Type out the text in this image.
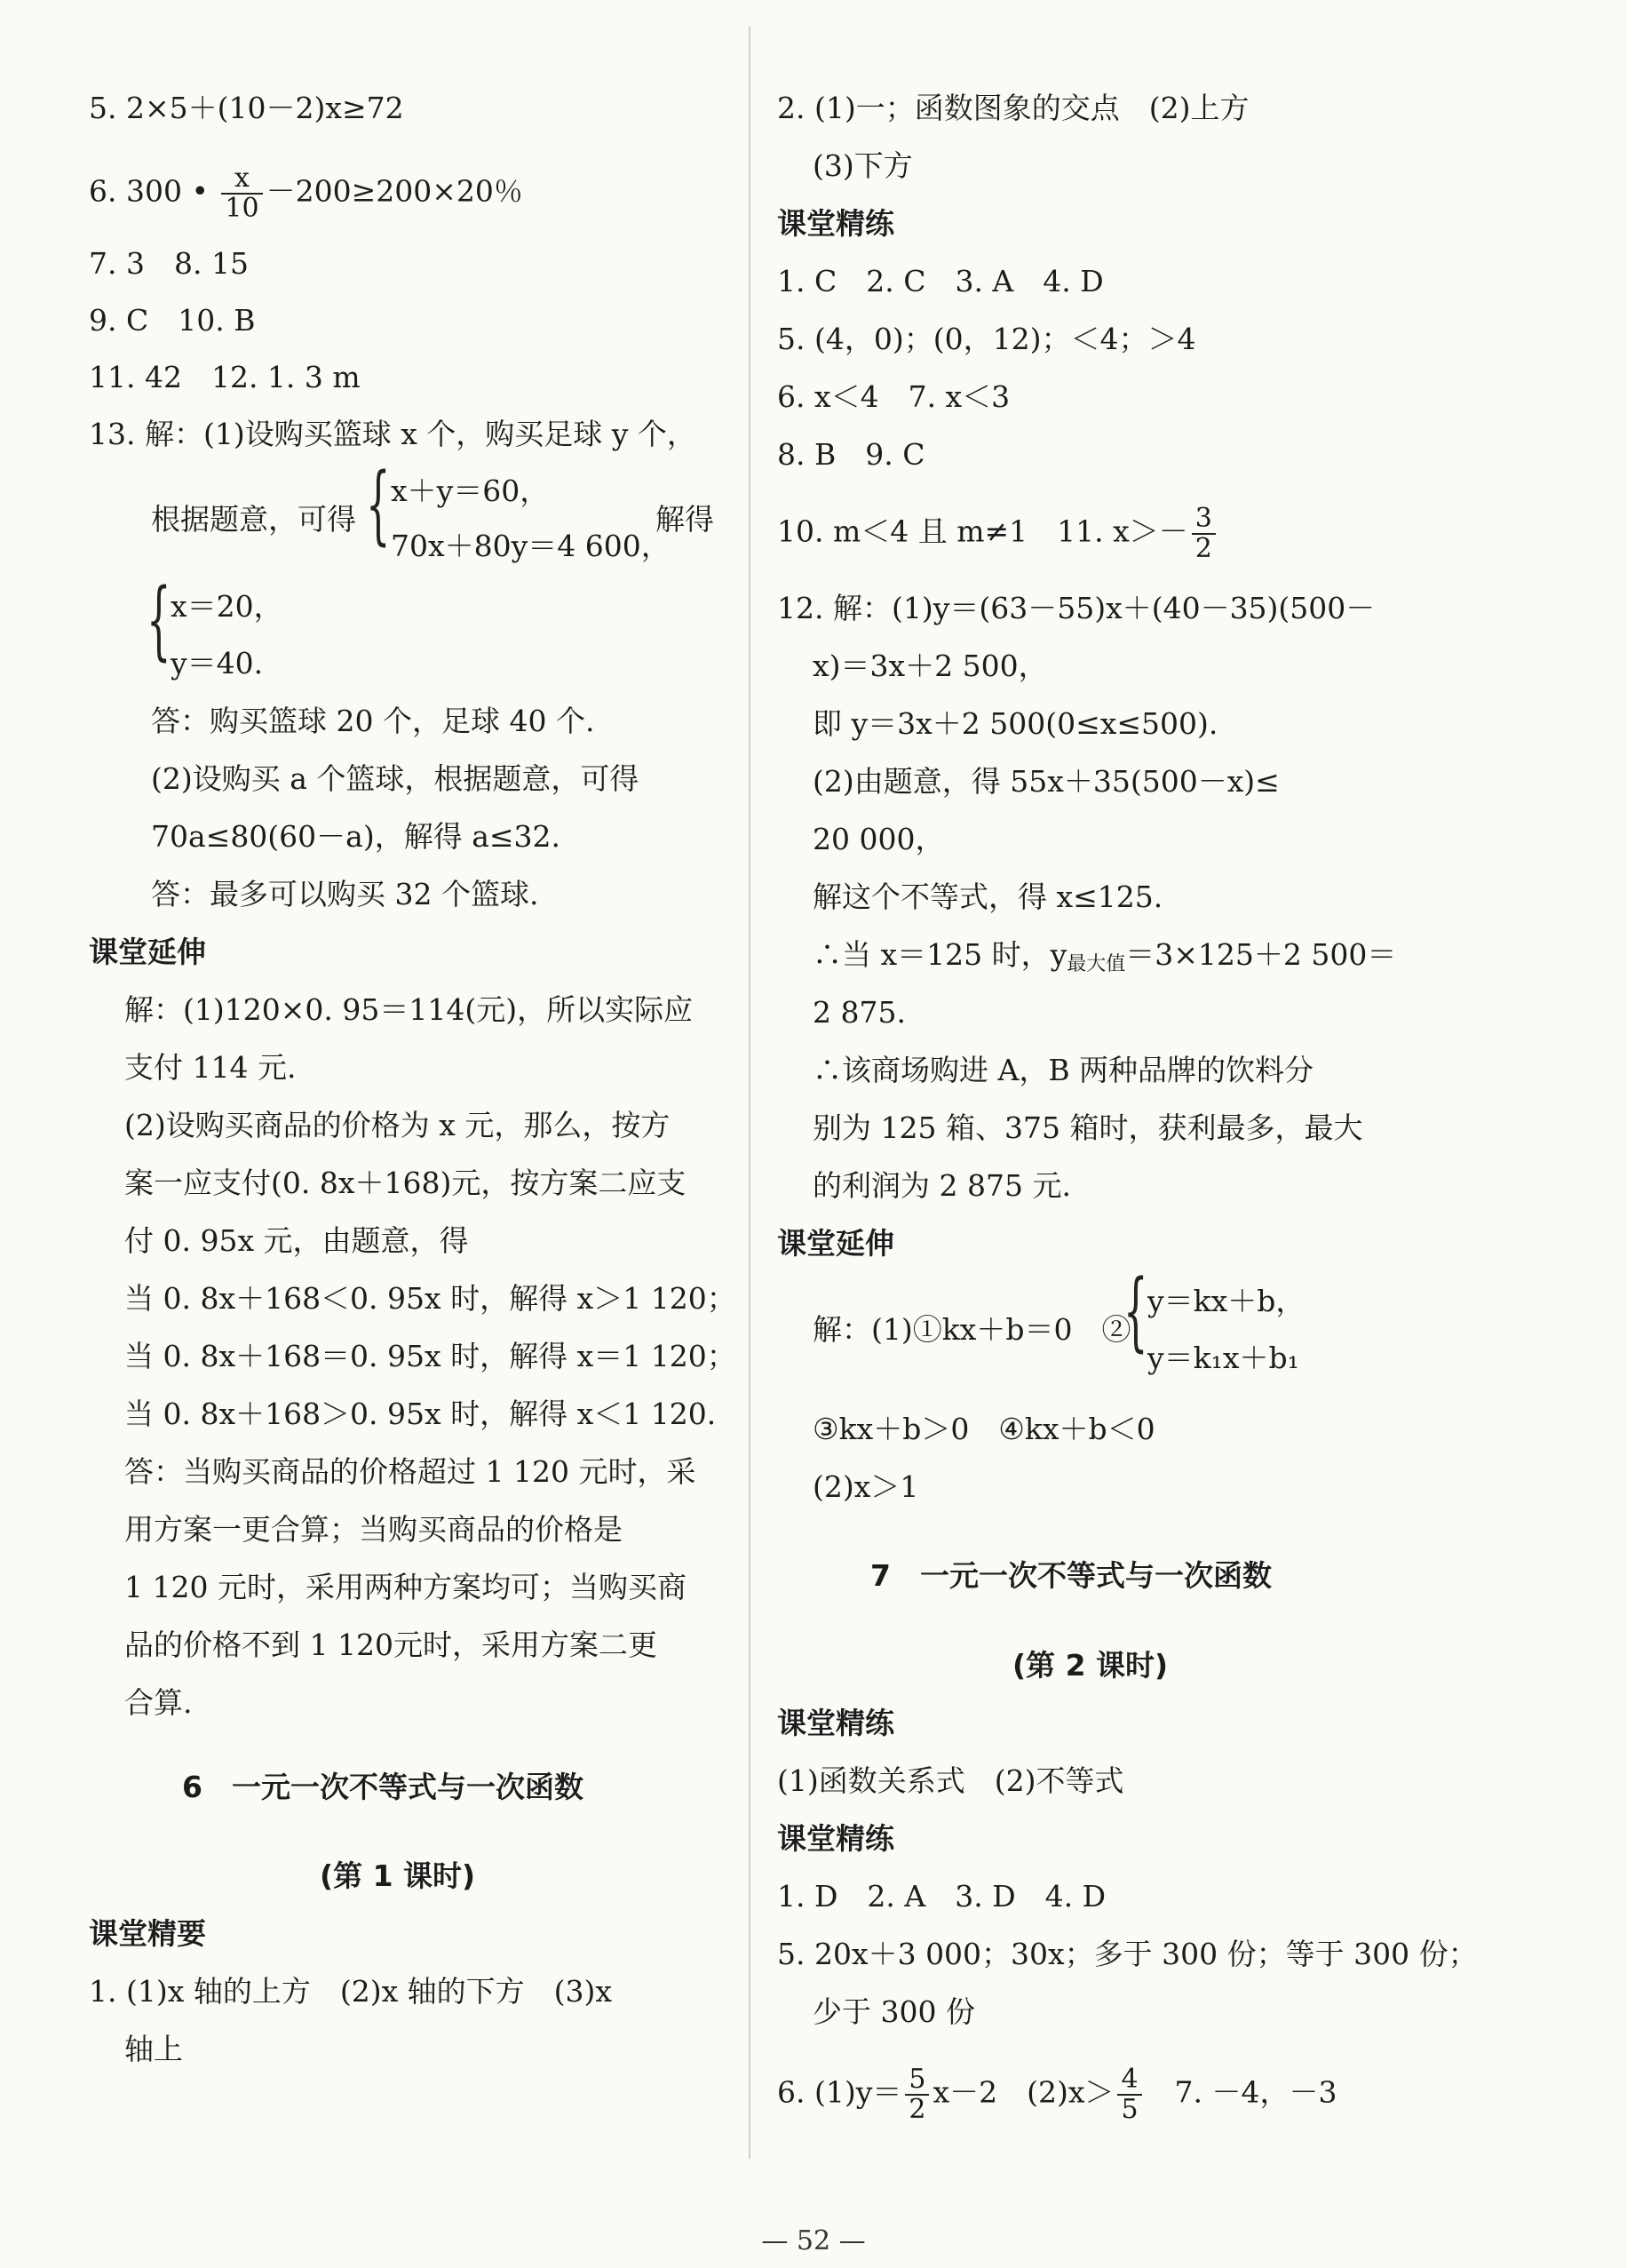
5. 2×5＋(10－2)x≥72
6. 300 • $\frac{x}{10} -200\ge 200\times 20$％
7. 3　8. 15
9. C　10. B
11. 42　12. 1. 3 m
13. 解：(1)设购买篮球 x 个，购买足球 y 个，
根据题意，可得 { x＋y＝60，
70x＋80y＝4 600，
解得
{ x＝20，
y＝40.
答：购买篮球 20 个，足球 40 个.
(2)设购买 a 个篮球，根据题意，可得
70a≤80(60－a)，解得 a≤32.
答：最多可以购买 32 个篮球.
课堂延伸
解：(1)120×0. 95＝114(元)，所以实际应
支付 114 元.
(2)设购买商品的价格为 x 元，那么，按方
案一应支付(0. 8x＋168)元，按方案二应支
付 0. 95x 元，由题意，得
当 0. 8x＋168＜0. 95x 时，解得 x＞1 120；
当 0. 8x＋168＝0. 95x 时，解得 x＝1 120；
当 0. 8x＋168＞0. 95x 时，解得 x＜1 120.
答：当购买商品的价格超过 1 120 元时，采
用方案一更合算；当购买商品的价格是
1 120 元时，采用两种方案均可；当购买商
品的价格不到 1 120元时，采用方案二更
合算.
6　一元一次不等式与一次函数
(第 1 课时)
课堂精要
1. (1)x 轴的上方　(2)x 轴的下方　(3)x
轴上
2. (1)一；函数图象的交点　(2)上方
(3)下方
课堂精练
1. C　2. C　3. A　4. D
5. (4，0)；(0，12)；＜4；＞4
6. x＜4　7. x＜3
8. B　9. C
10. m＜4 且 m≠1　11. $x>- \frac{3}{2}$
12. 解：(1)y＝(63－55)x＋(40－35)(500－
x)＝3x＋2 500，
即 y＝3x＋2 500(0≤x≤500).
(2)由题意，得 55x＋35(500－x)≤
20 000，
解这个不等式，得 x≤125.
∴当 x＝125 时，y最大值＝3×125＋2 500＝
2 875.
∴该商场购进 A，B 两种品牌的饮料分
别为 125 箱、375 箱时，获利最多，最大
的利润为 2 875 元.
课堂延伸
解：(1)①kx＋b＝0　②
{ y＝kx＋b，
y＝k₁x＋b₁
③kx＋b＞0　④kx＋b＜0
(2)x＞1
7　一元一次不等式与一次函数
(第 2 课时)
课堂精练
(1)函数关系式　(2)不等式
课堂精练
1. D　2. A　3. D　4. D
5. 20x＋3 000；30x；多于 300 份；等于 300 份；
少于 300 份
6. $(1)y= \frac{5}{2} x-2$　$(2)x> \frac{4}{5}$ 　7. －4，－3
— 52 —
